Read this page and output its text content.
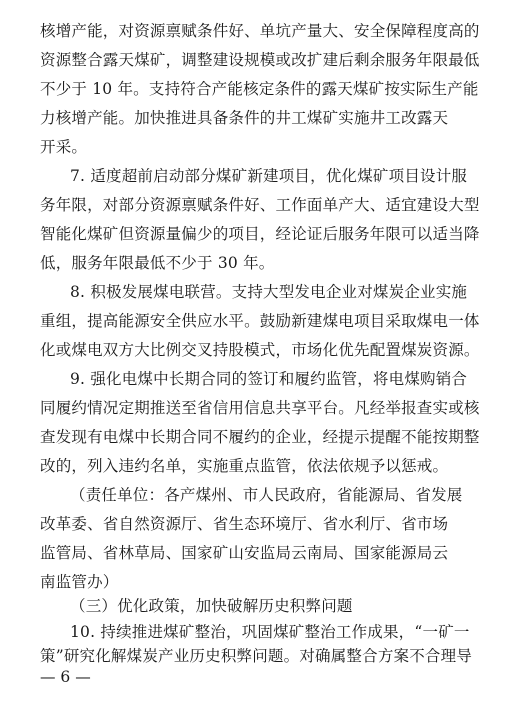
核增产能，对资源禀赋条件好、单坑产量大、安全保障程度高的
资源整合露天煤矿，调整建设规模或改扩建后剩余服务年限最低
不少于 10 年。支持符合产能核定条件的露天煤矿按实际生产能
力核增产能。加快推进具备条件的井工煤矿实施井工改露天
开采。
7. 适度超前启动部分煤矿新建项目，优化煤矿项目设计服
务年限，对部分资源禀赋条件好、工作面单产大、适宜建设大型
智能化煤矿但资源量偏少的项目，经论证后服务年限可以适当降
低，服务年限最低不少于 30 年。
8. 积极发展煤电联营。支持大型发电企业对煤炭企业实施
重组，提高能源安全供应水平。鼓励新建煤电项目采取煤电一体
化或煤电双方大比例交叉持股模式，市场化优先配置煤炭资源。
9. 强化电煤中长期合同的签订和履约监管，将电煤购销合
同履约情况定期推送至省信用信息共享平台。凡经举报查实或核
查发现有电煤中长期合同不履约的企业，经提示提醒不能按期整
改的，列入违约名单，实施重点监管，依法依规予以惩戒。
（责任单位：各产煤州、市人民政府，省能源局、省发展
改革委、省自然资源厅、省生态环境厅、省水利厅、省市场
监管局、省林草局、国家矿山安监局云南局、国家能源局云
南监管办）
（三）优化政策，加快破解历史积弊问题
10. 持续推进煤矿整治，巩固煤矿整治工作成果，“一矿一
策”研究化解煤炭产业历史积弊问题。对确属整合方案不合理导
— 6 —
